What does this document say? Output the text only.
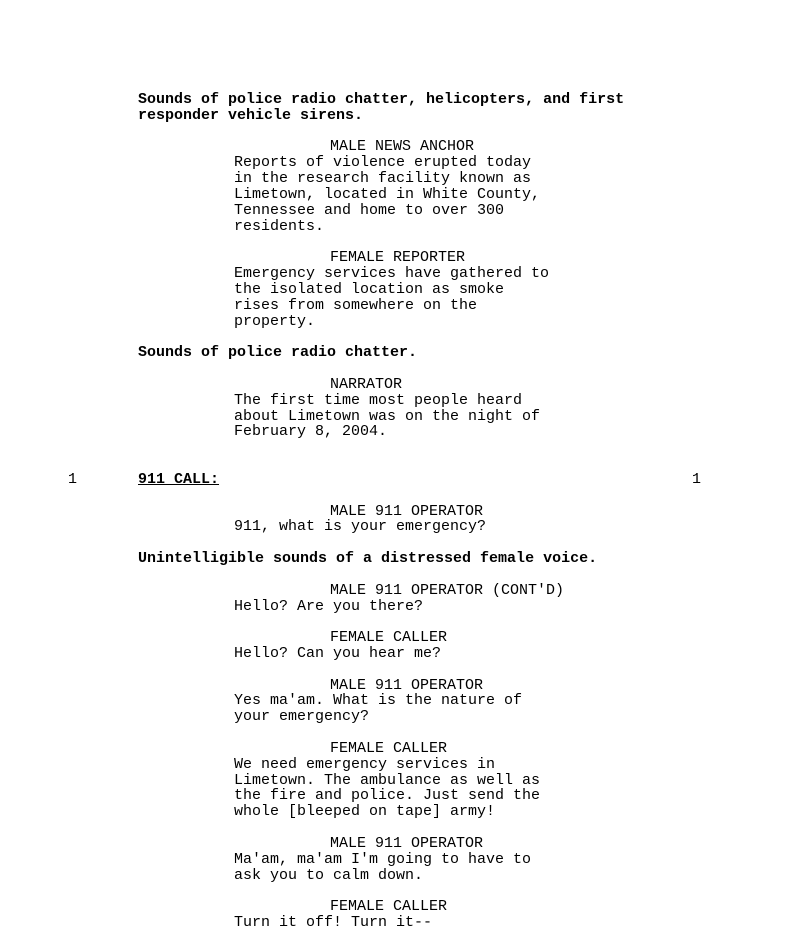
Sounds of police radio chatter, helicopters, and first
responder vehicle sirens.
MALE NEWS ANCHOR
Reports of violence erupted today
in the research facility known as
Limetown, located in White County,
Tennessee and home to over 300
residents.
FEMALE REPORTER
Emergency services have gathered to
the isolated location as smoke
rises from somewhere on the
property.
Sounds of police radio chatter.
NARRATOR
The first time most people heard
about Limetown was on the night of
February 8, 2004.
1	911 CALL:	1
MALE 911 OPERATOR
911, what is your emergency?
Unintelligible sounds of a distressed female voice.
MALE 911 OPERATOR (CONT'D)
Hello? Are you there?
FEMALE CALLER
Hello? Can you hear me?
MALE 911 OPERATOR
Yes ma'am. What is the nature of
your emergency?
FEMALE CALLER
We need emergency services in
Limetown. The ambulance as well as
the fire and police. Just send the
whole [bleeped on tape] army!
MALE 911 OPERATOR
Ma'am, ma'am I'm going to have to
ask you to calm down.
FEMALE CALLER
Turn it off! Turn it--
